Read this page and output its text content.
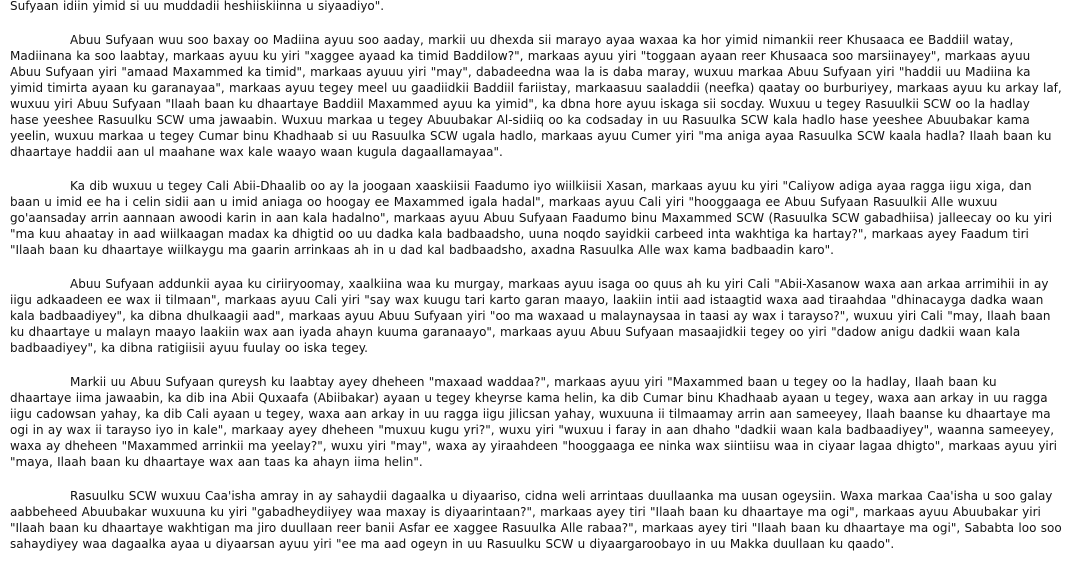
Sufyaan idiin yimid si uu muddadii heshiiskiinna u siyaadiyo".

Abuu Sufyaan wuu soo baxay oo Madiina ayuu soo aaday, markii uu dhexda sii marayo ayaa waxaa ka hor yimid nimankii reer Khusaaca ee Baddiil watay, Madiinana ka soo laabtay, markaas ayuu ku yiri "xaggee ayaad ka timid Baddilow?", markaas ayuu yiri "toggaan ayaan reer Khusaaca soo marsiinayey", markaas ayuu Abuu Sufyaan yiri "amaad Maxammed ka timid", markaas ayuuu yiri "may", dabadeedna waa la is daba maray, wuxuu markaa Abuu Sufyaan yiri "haddii uu Madiina ka yimid timirta ayaan ku garanayaa", markaas ayuu tegey meel uu gaadiidkii Baddiil fariistay, markaasuu saaladdii (neefka) qaatay oo burburiyey, markaas ayuu ku arkay laf, wuxuu yiri Abuu Sufyaan "Ilaah baan ku dhaartaye Baddiil Maxammed ayuu ka yimid", ka dbna hore ayuu iskaga sii socday. Wuxuu u tegey Rasuulkii SCW oo la hadlay hase yeeshee Rasuulku SCW uma jawaabin. Wuxuu markaa u tegey Abuubakar Al-sidiiq oo ka codsaday in uu Rasuulka SCW kala hadlo hase yeeshee Abuubakar kama yeelin, wuxuu markaa u tegey Cumar binu Khadhaab si uu Rasuulka SCW ugala hadlo, markaas ayuu Cumer yiri "ma aniga ayaa Rasuulka SCW kaala hadla? Ilaah baan ku dhaartaye haddii aan ul maahane wax kale waayo waan kugula dagaallamayaa".

Ka dib wuxuu u tegey Cali Abii-Dhaalib oo ay la joogaan xaaskiisii Faadumo iyo wiilkiisii Xasan, markaas ayuu ku yiri "Caliyow adiga ayaa ragga iigu xiga, dan baan u imid ee ha i celin sidii aan u imid aniaga oo hoogay ee Maxammed igala hadal", markaas ayuu Cali yiri "hooggaaga ee Abuu Sufyaan Rasuulkii Alle wuxuu go'aansaday arrin aannaan awoodi karin in aan kala hadalno", markaas ayuu Abuu Sufyaan Faadumo binu Maxammed SCW (Rasuulka SCW gabadhiisa) jalleecay oo ku yiri "ma kuu ahaatay in aad wiilkaagan madax ka dhigtid oo uu dadka kala badbaadsho, uuna noqdo sayidkii carbeed inta wakhtiga ka hartay?", markaas ayey Faadum tiri "Ilaah baan ku dhaartaye wiilkaygu ma gaarin arrinkaas ah in u dad kal badbaadsho, axadna Rasuulka Alle wax kama badbaadin karo".

Abuu Sufyaan addunkii ayaa ku ciriiryoomay, xaalkiina waa ku murgay, markaas ayuu isaga oo quus ah ku yiri Cali "Abii-Xasanow waxa aan arkaa arrimihii in ay iigu adkaadeen ee wax ii tilmaan", markaas ayuu Cali yiri "say wax kuugu tari karto garan maayo, laakiin intii aad istaagtid waxa aad tiraahdaa "dhinacayga dadka waan kala badbaadiyey", ka dibna dhulkaagii aad", markaas ayuu Abuu Sufyaan yiri "oo ma waxaad u malaynaysaa in taasi ay wax i tarayso?", wuxuu yiri Cali "may, Ilaah baan ku dhaartaye u malayn maayo laakiin wax aan iyada ahayn kuuma garanaayo", markaas ayuu Abuu Sufyaan masaajidkii tegey oo yiri "dadow anigu dadkii waan kala badbaadiyey", ka dibna ratigiisii ayuu fuulay oo iska tegey.

Markii uu Abuu Sufyaan qureysh ku laabtay ayey dheheen "maxaad waddaa?", markaas ayuu yiri "Maxammed baan u tegey oo la hadlay, Ilaah baan ku dhaartaye iima jawaabin, ka dib ina Abii Quxaafa (Abiibakar) ayaan u tegey kheyrse kama helin, ka dib Cumar binu Khadhaab ayaan u tegey, waxa aan arkay in uu ragga iigu cadowsan yahay, ka dib Cali ayaan u tegey, waxa aan arkay in uu ragga iigu jilicsan yahay, wuxuuna ii tilmaamay arrin aan sameeyey, Ilaah baanse ku dhaartaye ma ogi in ay wax ii tarayso iyo in kale", markaay ayey dheheen "muxuu kugu yri?", wuxu yiri "wuxuu i faray in aan dhaho "dadkii waan kala badbaadiyey", waanna sameeyey, waxa ay dheheen "Maxammed arrinkii ma yeelay?", wuxu yiri "may", waxa ay yiraahdeen "hooggaaga ee ninka wax siintiisu waa in ciyaar lagaa dhigto", markaas ayuu yiri "maya, Ilaah baan ku dhaartaye wax aan taas ka ahayn iima helin".

Rasuulku SCW wuxuu Caa'isha amray in ay sahaydii dagaalka u diyaariso, cidna weli arrintaas duullaanka ma uusan ogeysiin. Waxa markaa Caa'isha u soo galay aabbeheed Abuubakar wuxuuna ku yiri "gabadheydiiyey waa maxay is diyaarintaan?", markaas ayey tiri "Ilaah baan ku dhaartaye ma ogi", markaas ayuu Abuubakar yiri "Ilaah baan ku dhaartaye wakhtigan ma jiro duullaan reer banii Asfar ee xaggee Rasuulka Alle rabaa?", markaas ayey tiri "Ilaah baan ku dhaartaye ma ogi", Sababta loo soo sahaydiyey waa dagaalka ayaa u diyaarsan ayuu yiri "ee ma aad ogeyn in uu Rasuulku SCW u diyaargaroobayo in uu Makka duullaan ku qaado".
